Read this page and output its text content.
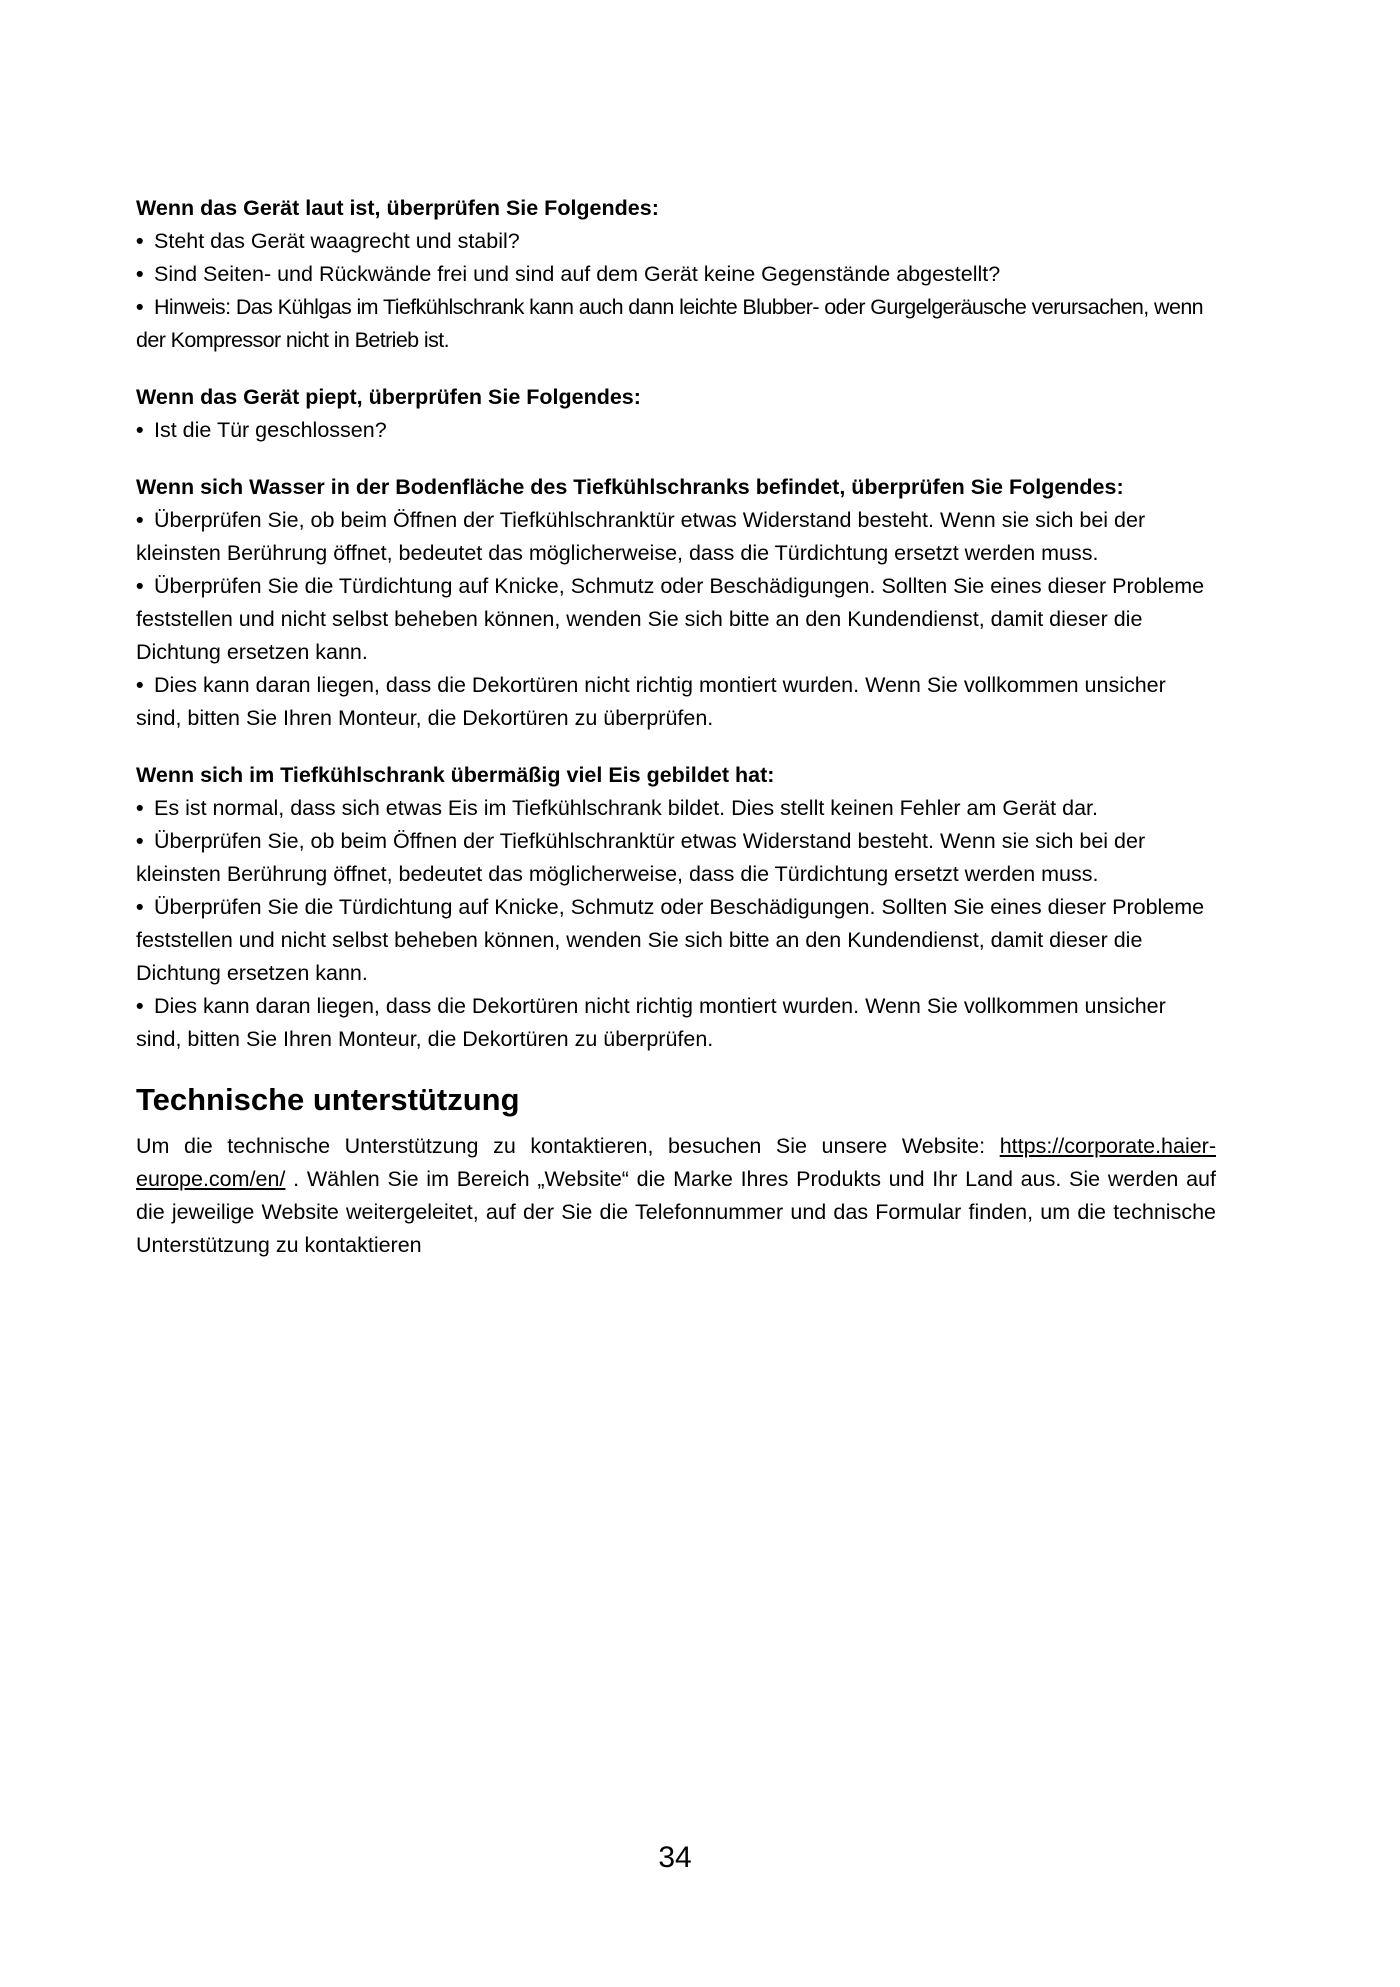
Wenn das Gerät laut ist, überprüfen Sie Folgendes:

• Steht das Gerät waagrecht und stabil?

• Sind Seiten- und Rückwände frei und sind auf dem Gerät keine Gegenstände abgestellt?

• Hinweis: Das Kühlgas im Tiefkühlschrank kann auch dann leichte Blubber- oder Gurgelgeräusche verursachen, wenn der Kompressor nicht in Betrieb ist.

Wenn das Gerät piept, überprüfen Sie Folgendes:

• Ist die Tür geschlossen?

Wenn sich Wasser in der Bodenfläche des Tiefkühlschranks befindet, überprüfen Sie Folgendes:

• Überprüfen Sie, ob beim Öffnen der Tiefkühlschranktür etwas Widerstand besteht. Wenn sie sich bei der kleinsten Berührung öffnet, bedeutet das möglicherweise, dass die Türdichtung ersetzt werden muss.

• Überprüfen Sie die Türdichtung auf Knicke, Schmutz oder Beschädigungen. Sollten Sie eines dieser Probleme feststellen und nicht selbst beheben können, wenden Sie sich bitte an den Kundendienst, damit dieser die Dichtung ersetzen kann.

• Dies kann daran liegen, dass die Dekortüren nicht richtig montiert wurden. Wenn Sie vollkommen unsicher sind, bitten Sie Ihren Monteur, die Dekortüren zu überprüfen.

Wenn sich im Tiefkühlschrank übermäßig viel Eis gebildet hat:

• Es ist normal, dass sich etwas Eis im Tiefkühlschrank bildet. Dies stellt keinen Fehler am Gerät dar.

• Überprüfen Sie, ob beim Öffnen der Tiefkühlschranktür etwas Widerstand besteht. Wenn sie sich bei der kleinsten Berührung öffnet, bedeutet das möglicherweise, dass die Türdichtung ersetzt werden muss.

• Überprüfen Sie die Türdichtung auf Knicke, Schmutz oder Beschädigungen. Sollten Sie eines dieser Probleme feststellen und nicht selbst beheben können, wenden Sie sich bitte an den Kundendienst, damit dieser die Dichtung ersetzen kann.

• Dies kann daran liegen, dass die Dekortüren nicht richtig montiert wurden. Wenn Sie vollkommen unsicher sind, bitten Sie Ihren Monteur, die Dekortüren zu überprüfen.

Technische unterstützung

Um die technische Unterstützung zu kontaktieren, besuchen Sie unsere Website: https://corporate.haier-europe.com/en/ . Wählen Sie im Bereich „Website“ die Marke Ihres Produkts und Ihr Land aus. Sie werden auf die jeweilige Website weitergeleitet, auf der Sie die Telefonnummer und das Formular finden, um die technische Unterstützung zu kontaktieren

34
